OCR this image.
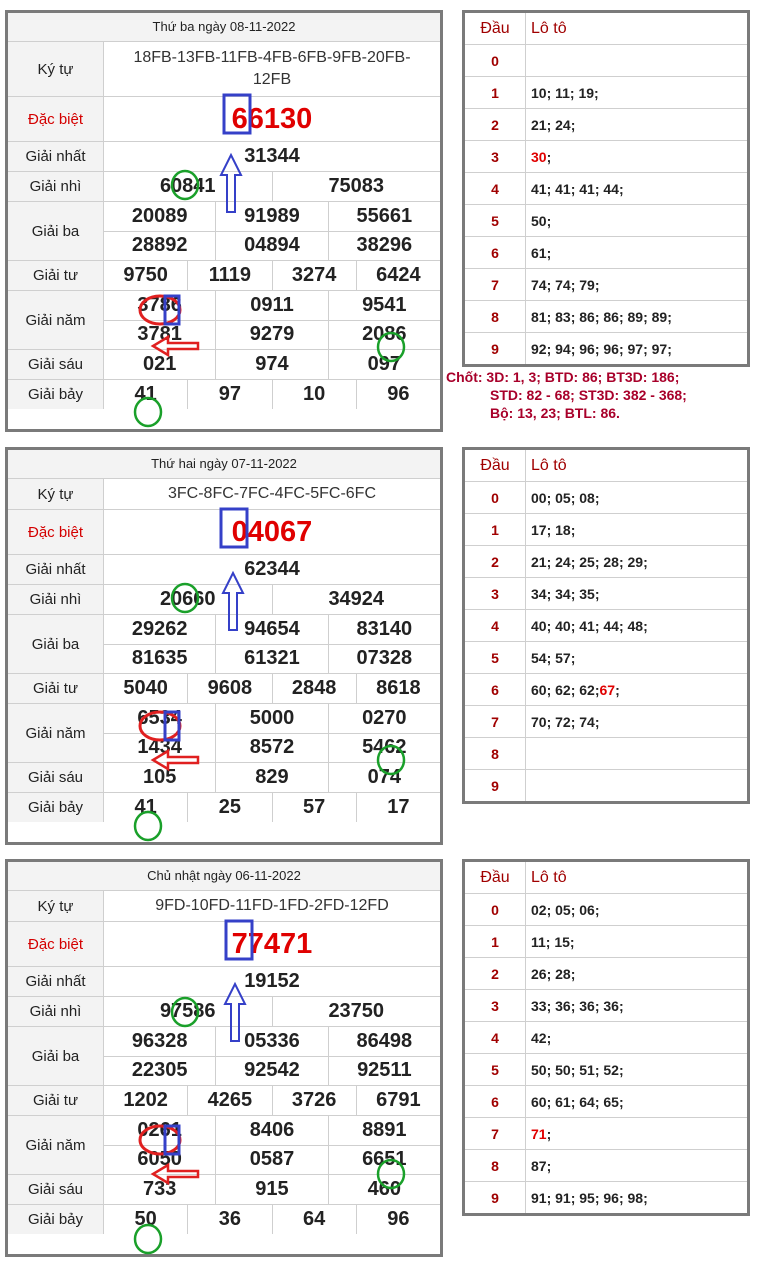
Thứ ba ngày 08-11-2022
Ký tự
18FB-13FB-11FB-4FB-6FB-9FB-20FB-12FB
Đặc biệt	66130
Giải nhất	31344
Giải nhì	60841	75083
Giải ba
20089	91989	55661
28892	04894	38296
Giải tư	9750	1119	3274	6424
Giải năm
3786	0911	9541
3781	9279	2086
Giải sáu	021	974	097
Giải bảy	41	97	10	96
Đầu	Lô tô
0
1	10; 11; 19;
2	21; 24;
3	30 ;
4	41; 41; 41; 44;
5	50;
6	61;
7	74; 74; 79;
8	81; 83; 86; 86; 89; 89;
9	92; 94; 96; 96; 97; 97;
Thứ hai ngày 07-11-2022
Ký tự	3FC-8FC-7FC-4FC-5FC-6FC
Đặc biệt	04067
Giải nhất	62344
Giải nhì	20660	34924
Giải ba
29262	94654	83140
81635	61321	07328
Giải tư	5040	9608	2848	8618
Giải năm
6534	5000	0270
1434	8572	5462
Giải sáu	105	829	074
Giải bảy	41	25	57	17
Đầu	Lô tô
0	00; 05; 08;
1	17; 18;
2	21; 24; 25; 28; 29;
3	34; 34; 35;
4	40; 40; 41; 44; 48;
5	54; 57;
6	60; 62; 62; 67 ;
7	70; 72; 74;
8
9
Chủ nhật ngày 06-11-2022
Ký tự	9FD-10FD-11FD-1FD-2FD-12FD
Đặc biệt	77471
Giải nhất	19152
Giải nhì	97586	23750
Giải ba
96328	05336	86498
22305	92542	92511
Giải tư	1202	4265	3726	6791
Giải năm
0261	8406	8891
6050	0587	6651
Giải sáu	733	915	460
Giải bảy	50	36	64	96
Đầu	Lô tô
0	02; 05; 06;
1	11; 15;
2	26; 28;
3	33; 36; 36; 36;
4	42;
5	50; 50; 51; 52;
6	60; 61; 64; 65;
7	71 ;
8	87;
9	91; 91; 95; 96; 98;
Chốt: 3D: 1, 3; BTD: 86; BT3D: 186;
STD: 82 - 68; ST3D: 382 - 368;
Bộ: 13, 23; BTL: 86.
